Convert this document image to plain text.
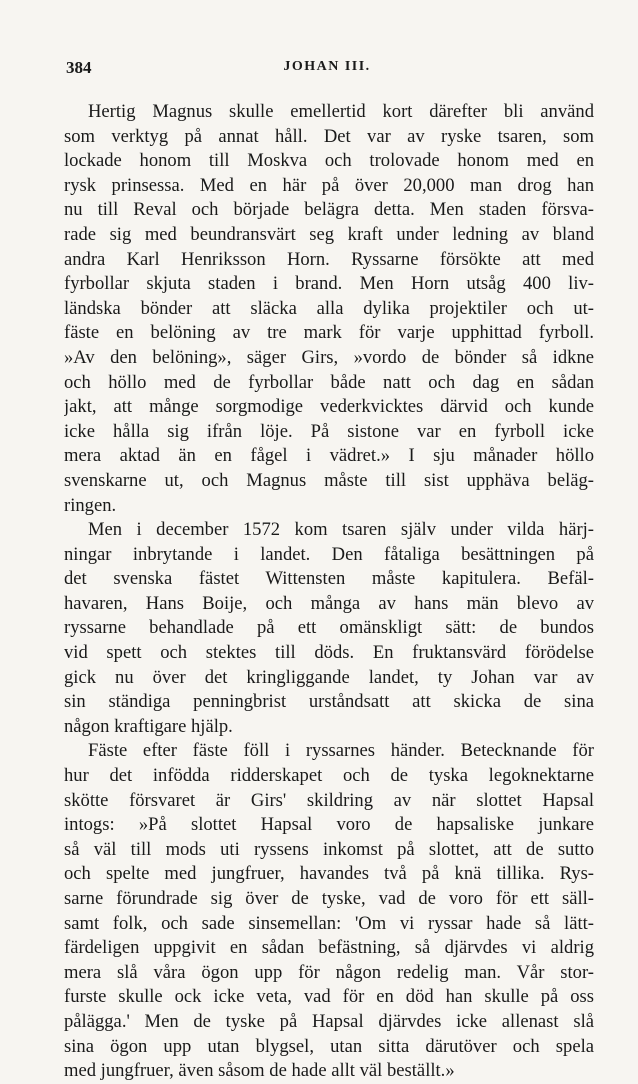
384	JOHAN III.
Hertig Magnus skulle emellertid kort därefter bli använd
som verktyg på annat håll. Det var av ryske tsaren, som
lockade honom till Moskva och trolovade honom med en
rysk prinsessa. Med en här på över 20,000 man drog han
nu till Reval och började belägra detta. Men staden försva-
rade sig med beundransvärt seg kraft under ledning av bland
andra Karl Henriksson Horn. Ryssarne försökte att med
fyrbollar skjuta staden i brand. Men Horn utsåg 400 liv-
ländska bönder att släcka alla dylika projektiler och ut-
fäste en belöning av tre mark för varje upphittad fyrboll.
»Av den belöning», säger Girs, »vordo de bönder så idkne
och höllo med de fyrbollar både natt och dag en sådan
jakt, att månge sorgmodige vederkvicktes därvid och kunde
icke hålla sig ifrån löje. På sistone var en fyrboll icke
mera aktad än en fågel i vädret.» I sju månader höllo
svenskarne ut, och Magnus måste till sist upphäva beläg-
ringen.
Men i december 1572 kom tsaren själv under vilda härj-
ningar inbrytande i landet. Den fåtaliga besättningen på
det svenska fästet Wittensten måste kapitulera. Befäl-
havaren, Hans Boije, och många av hans män blevo av
ryssarne behandlade på ett omänskligt sätt: de bundos
vid spett och stektes till döds. En fruktansvärd förödelse
gick nu över det kringliggande landet, ty Johan var av
sin ständiga penningbrist urståndsatt att skicka de sina
någon kraftigare hjälp.
Fäste efter fäste föll i ryssarnes händer. Betecknande för
hur det infödda ridderskapet och de tyska legoknektarne
skötte försvaret är Girs' skildring av när slottet Hapsal
intogs: »På slottet Hapsal voro de hapsaliske junkare
så väl till mods uti ryssens inkomst på slottet, att de sutto
och spelte med jungfruer, havandes två på knä tillika. Rys-
sarne förundrade sig över de tyske, vad de voro för ett säll-
samt folk, och sade sinsemellan: 'Om vi ryssar hade så lätt-
färdeligen uppgivit en sådan befästning, så djärvdes vi aldrig
mera slå våra ögon upp för någon redelig man. Vår stor-
furste skulle ock icke veta, vad för en död han skulle på oss
pålägga.' Men de tyske på Hapsal djärvdes icke allenast slå
sina ögon upp utan blygsel, utan sitta därutöver och spela
med jungfruer, även såsom de hade allt väl beställt.»
